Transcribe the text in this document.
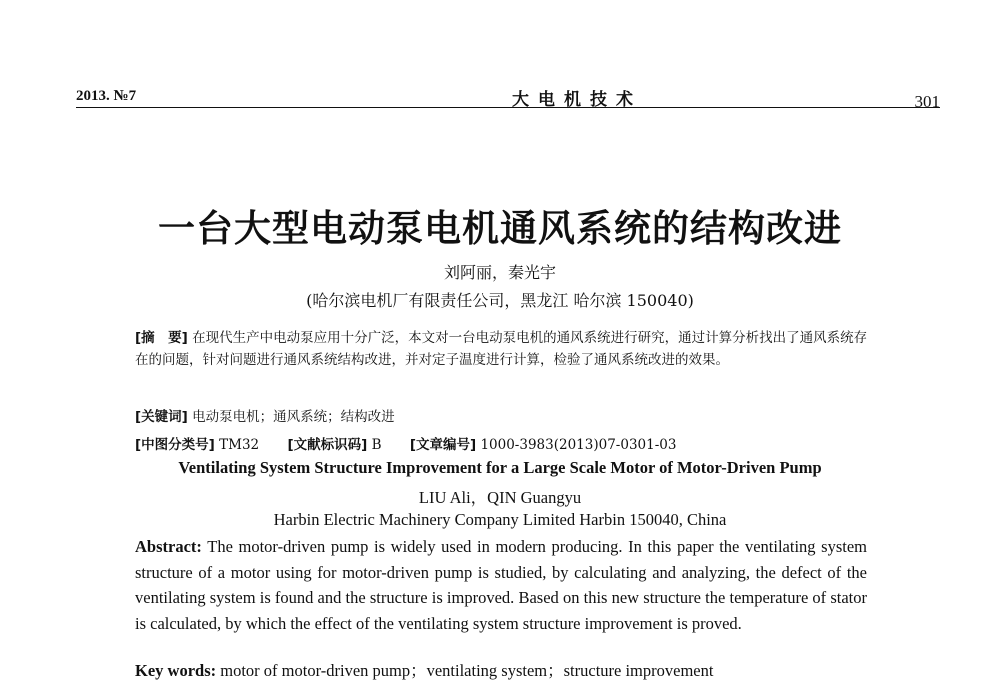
2013. №7	大电机技术	301
一台大型电动泵电机通风系统的结构改进
刘阿丽，秦光宇
(哈尔滨电机厂有限责任公司，黑龙江 哈尔滨 150040)
[摘　要] 在现代生产中电动泵应用十分广泛，本文对一台电动泵电机的通风系统进行研究，通过计算分析找出了通风系统存在的问题，针对问题进行通风系统结构改进，并对定子温度进行计算，检验了通风系统改进的效果。
[关键词] 电动泵电机；通风系统；结构改进
[中图分类号] TM32 [文献标识码] B [文章编号] 1000-3983(2013)07-0301-03
Ventilating System Structure Improvement for a Large Scale Motor of Motor-Driven Pump
LIU Ali，QIN Guangyu
Harbin Electric Machinery Company Limited Harbin 150040, China
Abstract: The motor-driven pump is widely used in modern producing. In this paper the ventilating system structure of a motor using for motor-driven pump is studied, by calculating and analyzing, the defect of the ventilating system is found and the structure is improved. Based on this new structure the temperature of stator is calculated, by which the effect of the ventilating system structure improvement is proved.
Key words: motor of motor-driven pump；ventilating system；structure improvement
